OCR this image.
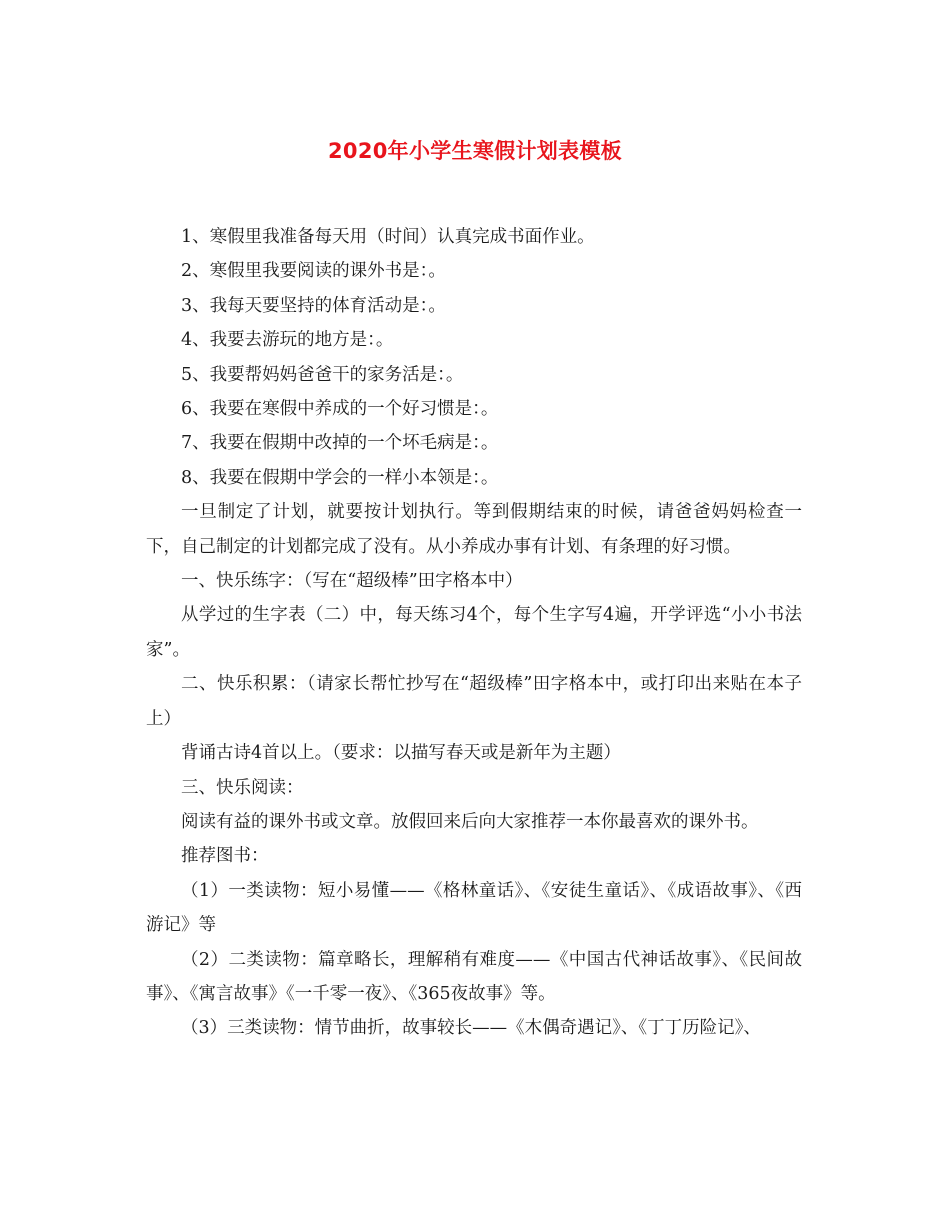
2020年小学生寒假计划表模板

1、寒假里我准备每天用（时间）认真完成书面作业。

2、寒假里我要阅读的课外书是：。

3、我每天要坚持的体育活动是：。

4、我要去游玩的地方是：。

5、我要帮妈妈爸爸干的家务活是：。

6、我要在寒假中养成的一个好习惯是：。

7、我要在假期中改掉的一个坏毛病是：。

8、我要在假期中学会的一样小本领是：。

一旦制定了计划，就要按计划执行。等到假期结束的时候，请爸爸妈妈检查一下，自己制定的计划都完成了没有。从小养成办事有计划、有条理的好习惯。

一、快乐练字：（写在“超级棒”田字格本中）

从学过的生字表（二）中，每天练习4个，每个生字写4遍，开学评选“小小书法家”。

二、快乐积累：（请家长帮忙抄写在“超级棒”田字格本中，或打印出来贴在本子上）

背诵古诗4首以上。（要求：以描写春天或是新年为主题）

三、快乐阅读：

阅读有益的课外书或文章。放假回来后向大家推荐一本你最喜欢的课外书。

推荐图书：

（1）一类读物：短小易懂——《格林童话》、《安徒生童话》、《成语故事》、《西游记》等

（2）二类读物：篇章略长，理解稍有难度——《中国古代神话故事》、《民间故事》、《寓言故事》《一千零一夜》、《365夜故事》等。

（3）三类读物：情节曲折，故事较长——《木偶奇遇记》、《丁丁历险记》、
